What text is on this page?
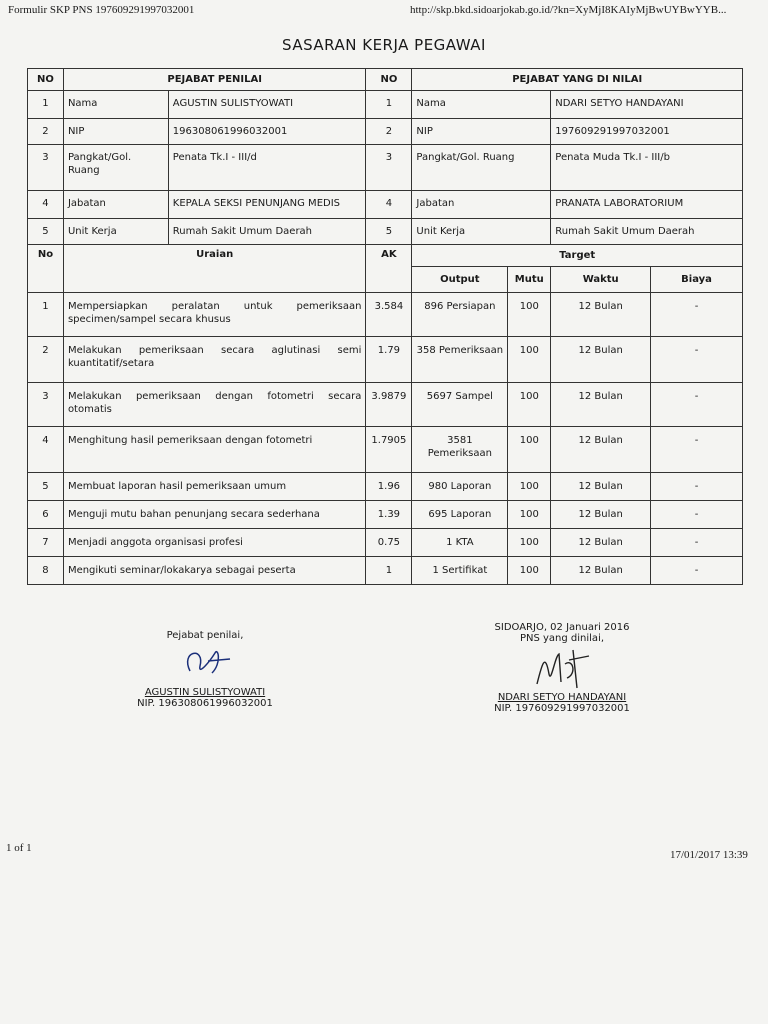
Formulir SKP PNS 197609291997032001	http://skp.bkd.sidoarjokab.go.id/?kn=XyMjI8KAIyMjBwUYBwYYB...
SASARAN KERJA PEGAWAI
NO	PEJABAT PENILAI		NO	PEJABAT YANG DI NILAI			
1	Nama	AGUSTIN SULISTYOWATI	1	Nama		NDARI SETYO HANDAYANI	
2	NIP	196308061996032001	2	NIP		197609291997032001	
3	Pangkat/Gol. Ruang	Penata Tk.I - III/d	3	Pangkat/Gol. Ruang		Penata Muda Tk.I - III/b	
4	Jabatan	KEPALA SEKSI PENUNJANG MEDIS	4	Jabatan		PRANATA LABORATORIUM	
5	Unit Kerja	Rumah Sakit Umum Daerah	5	Unit Kerja		Rumah Sakit Umum Daerah	
No	Uraian		AK	Target			
				Output	Mutu	Waktu	Biaya
1	Mempersiapkan peralatan untuk pemeriksaan specimen/sampel secara khusus		3.584	896 Persiapan	100	12 Bulan	-
2	Melakukan pemeriksaan secara aglutinasi semi kuantitatif/setara		1.79	358 Pemeriksaan	100	12 Bulan	-
3	Melakukan pemeriksaan dengan fotometri secara otomatis		3.9879	5697 Sampel	100	12 Bulan	-
4	Menghitung hasil pemeriksaan dengan fotometri		1.7905	3581 Pemeriksaan	100	12 Bulan	-
5	Membuat laporan hasil pemeriksaan umum		1.96	980 Laporan	100	12 Bulan	-
6	Menguji mutu bahan penunjang secara sederhana		1.39	695 Laporan	100	12 Bulan	-
7	Menjadi anggota organisasi profesi		0.75	1 KTA	100	12 Bulan	-
8	Mengikuti seminar/lokakarya sebagai peserta		1	1 Sertifikat	100	12 Bulan	-
Pejabat penilai,
AGUSTIN SULISTYOWATI
NIP. 196308061996032001
SIDOARJO, 02 Januari 2016
PNS yang dinilai,
NDARI SETYO HANDAYANI
NIP. 197609291997032001
1 of 1
17/01/2017 13:39
